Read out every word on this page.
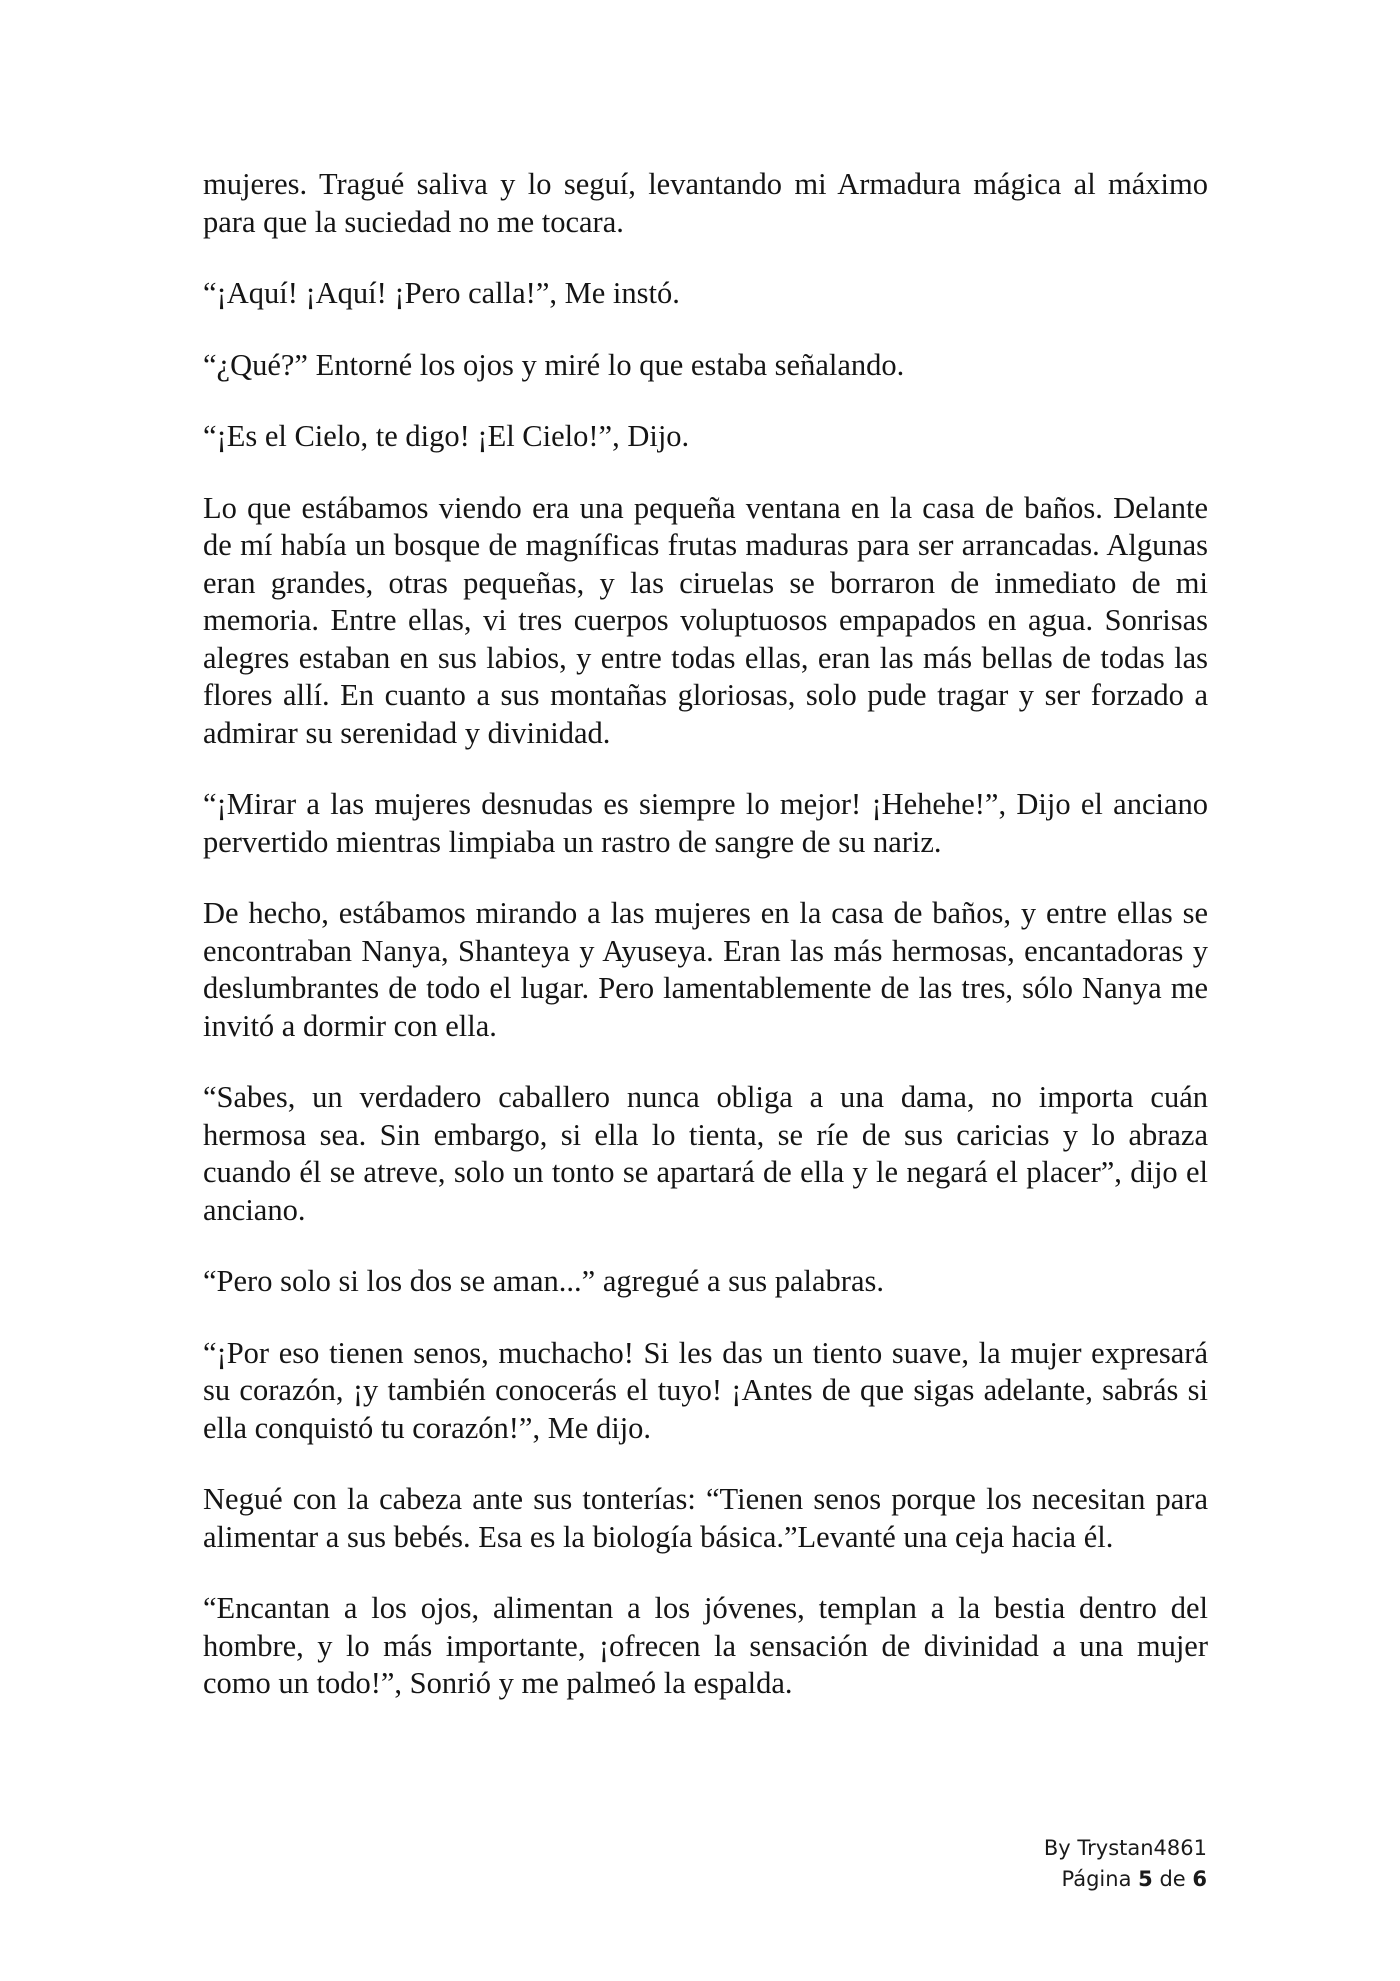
mujeres. Tragué saliva y lo seguí, levantando mi Armadura mágica al máximo para que la suciedad no me tocara.

“¡Aquí! ¡Aquí! ¡Pero calla!”, Me instó.

“¿Qué?” Entorné los ojos y miré lo que estaba señalando.

“¡Es el Cielo, te digo! ¡El Cielo!”, Dijo.

Lo que estábamos viendo era una pequeña ventana en la casa de baños. Delante de mí había un bosque de magníficas frutas maduras para ser arrancadas. Algunas eran grandes, otras pequeñas, y las ciruelas se borraron de inmediato de mi memoria. Entre ellas, vi tres cuerpos voluptuosos empapados en agua. Sonrisas alegres estaban en sus labios, y entre todas ellas, eran las más bellas de todas las flores allí. En cuanto a sus montañas gloriosas, solo pude tragar y ser forzado a admirar su serenidad y divinidad.

“¡Mirar a las mujeres desnudas es siempre lo mejor! ¡Hehehe!”, Dijo el anciano pervertido mientras limpiaba un rastro de sangre de su nariz.

De hecho, estábamos mirando a las mujeres en la casa de baños, y entre ellas se encontraban Nanya, Shanteya y Ayuseya. Eran las más hermosas, encantadoras y deslumbrantes de todo el lugar. Pero lamentablemente de las tres, sólo Nanya me invitó a dormir con ella.

“Sabes, un verdadero caballero nunca obliga a una dama, no importa cuán hermosa sea. Sin embargo, si ella lo tienta, se ríe de sus caricias y lo abraza cuando él se atreve, solo un tonto se apartará de ella y le negará el placer”, dijo el anciano.

“Pero solo si los dos se aman...” agregué a sus palabras.

“¡Por eso tienen senos, muchacho! Si les das un tiento suave, la mujer expresará su corazón, ¡y también conocerás el tuyo! ¡Antes de que sigas adelante, sabrás si ella conquistó tu corazón!”, Me dijo.

Negué con la cabeza ante sus tonterías: “Tienen senos porque los necesitan para alimentar a sus bebés. Esa es la biología básica.”Levanté una ceja hacia él.

“Encantan a los ojos, alimentan a los jóvenes, templan a la bestia dentro del hombre, y lo más importante, ¡ofrecen la sensación de divinidad a una mujer como un todo!”, Sonrió y me palmeó la espalda.

By Trystan4861
Página 5 de 6
